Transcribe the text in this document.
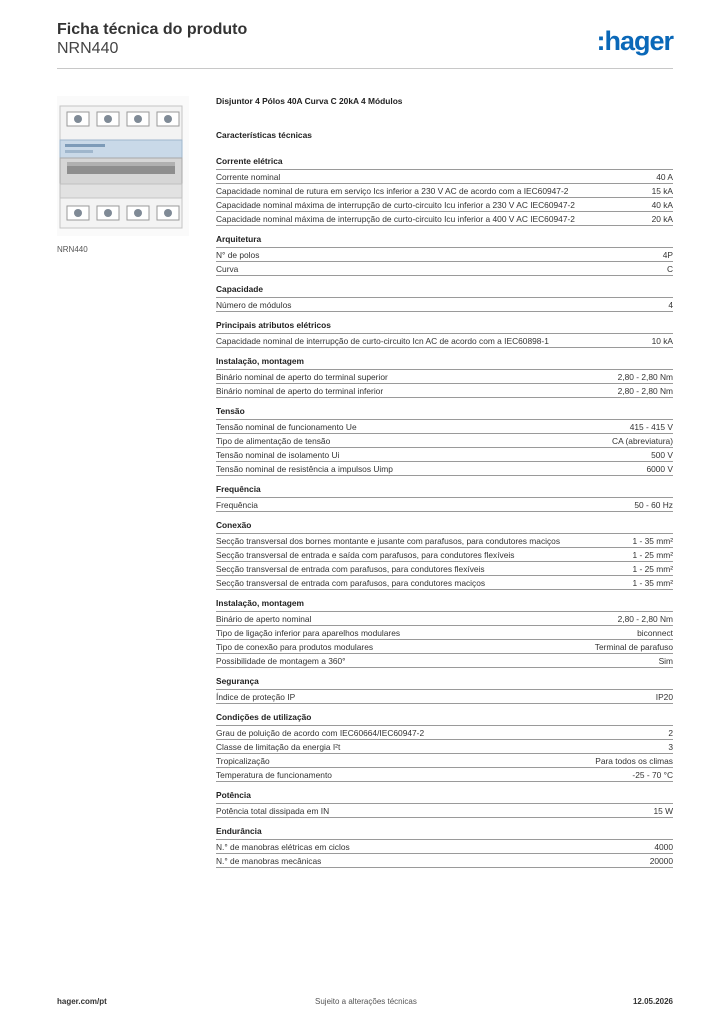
Ficha técnica do produto
NRN440	:hager
NRN440
Disjuntor 4 Pólos 40A Curva C 20kA 4 Módulos
Características técnicas
Corrente elétrica
Corrente nominal	40 A
Capacidade nominal de rutura em serviço Ics inferior a 230 V AC de acordo com a IEC60947-2	15 kA
Capacidade nominal máxima de interrupção de curto-circuito Icu inferior a 230 V AC IEC60947-2	40 kA
Capacidade nominal máxima de interrupção de curto-circuito Icu inferior a 400 V AC IEC60947-2	20 kA
Arquitetura
N° de polos	4P
Curva	C
Capacidade
Número de módulos	4
Principais atributos elétricos
Capacidade nominal de interrupção de curto-circuito Icn AC de acordo com a IEC60898-1	10 kA
Instalação, montagem
Binário nominal de aperto do terminal superior	2,80 - 2,80 Nm
Binário nominal de aperto do terminal inferior	2,80 - 2,80 Nm
Tensão
Tensão nominal de funcionamento Ue	415 - 415 V
Tipo de alimentação de tensão	CA (abreviatura)
Tensão nominal de isolamento Ui	500 V
Tensão nominal de resistência a impulsos Uimp	6000 V
Frequência
Frequência	50 - 60 Hz
Conexão
Secção transversal dos bornes montante e jusante com parafusos, para condutores maciços	1 - 35 mm²
Secção transversal de entrada e saída com parafusos, para condutores flexíveis	1 - 25 mm²
Secção transversal de entrada com parafusos, para condutores flexíveis	1 - 25 mm²
Secção transversal de entrada com parafusos, para condutores maciços	1 - 35 mm²
Instalação, montagem
Binário de aperto nominal	2,80 - 2,80 Nm
Tipo de ligação inferior para aparelhos modulares	biconnect
Tipo de conexão para produtos modulares	Terminal de parafuso
Possibilidade de montagem a 360°	Sim
Segurança
Índice de proteção IP	IP20
Condições de utilização
Grau de poluição de acordo com IEC60664/IEC60947-2	2
Classe de limitação da energia I²t	3
Tropicalização	Para todos os climas
Temperatura de funcionamento	-25 - 70 °C
Potência
Potência total dissipada em IN	15 W
Endurância
N.° de manobras elétricas em ciclos	4000
N.° de manobras mecânicas	20000
hager.com/pt	Sujeito a alterações técnicas	12.05.2026
